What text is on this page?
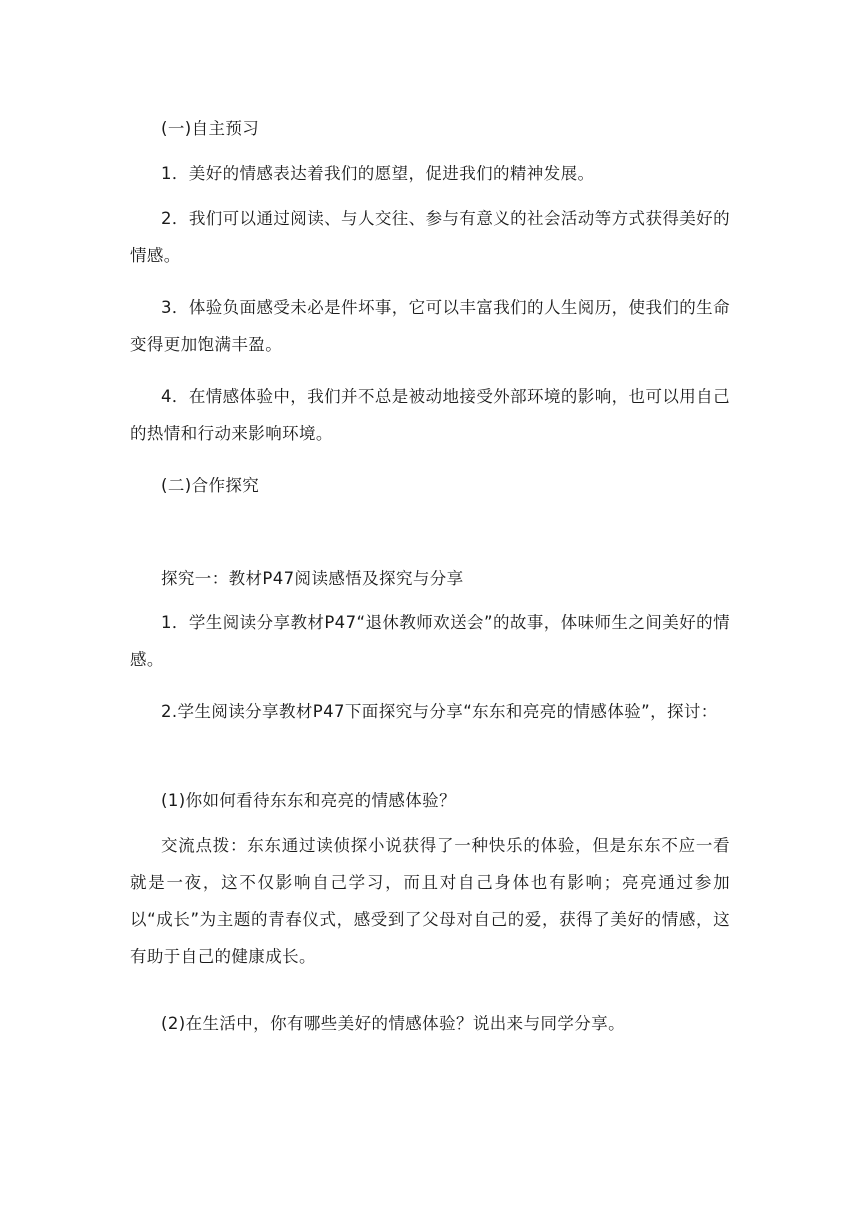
(一)自主预习

1．美好的情感表达着我们的愿望，促进我们的精神发展。

2．我们可以通过阅读、与人交往、参与有意义的社会活动等方式获得美好的情感。

3．体验负面感受未必是件坏事，它可以丰富我们的人生阅历，使我们的生命变得更加饱满丰盈。

4．在情感体验中，我们并不总是被动地接受外部环境的影响，也可以用自己的热情和行动来影响环境。

(二)合作探究

探究一：教材P47阅读感悟及探究与分享

1．学生阅读分享教材P47“退休教师欢送会”的故事，体味师生之间美好的情感。

2.学生阅读分享教材P47下面探究与分享“东东和亮亮的情感体验”，探讨：

(1)你如何看待东东和亮亮的情感体验？

交流点拨：东东通过读侦探小说获得了一种快乐的体验，但是东东不应一看就是一夜，这不仅影响自己学习，而且对自己身体也有影响；亮亮通过参加以“成长”为主题的青春仪式，感受到了父母对自己的爱，获得了美好的情感，这有助于自己的健康成长。

(2)在生活中，你有哪些美好的情感体验？说出来与同学分享。
